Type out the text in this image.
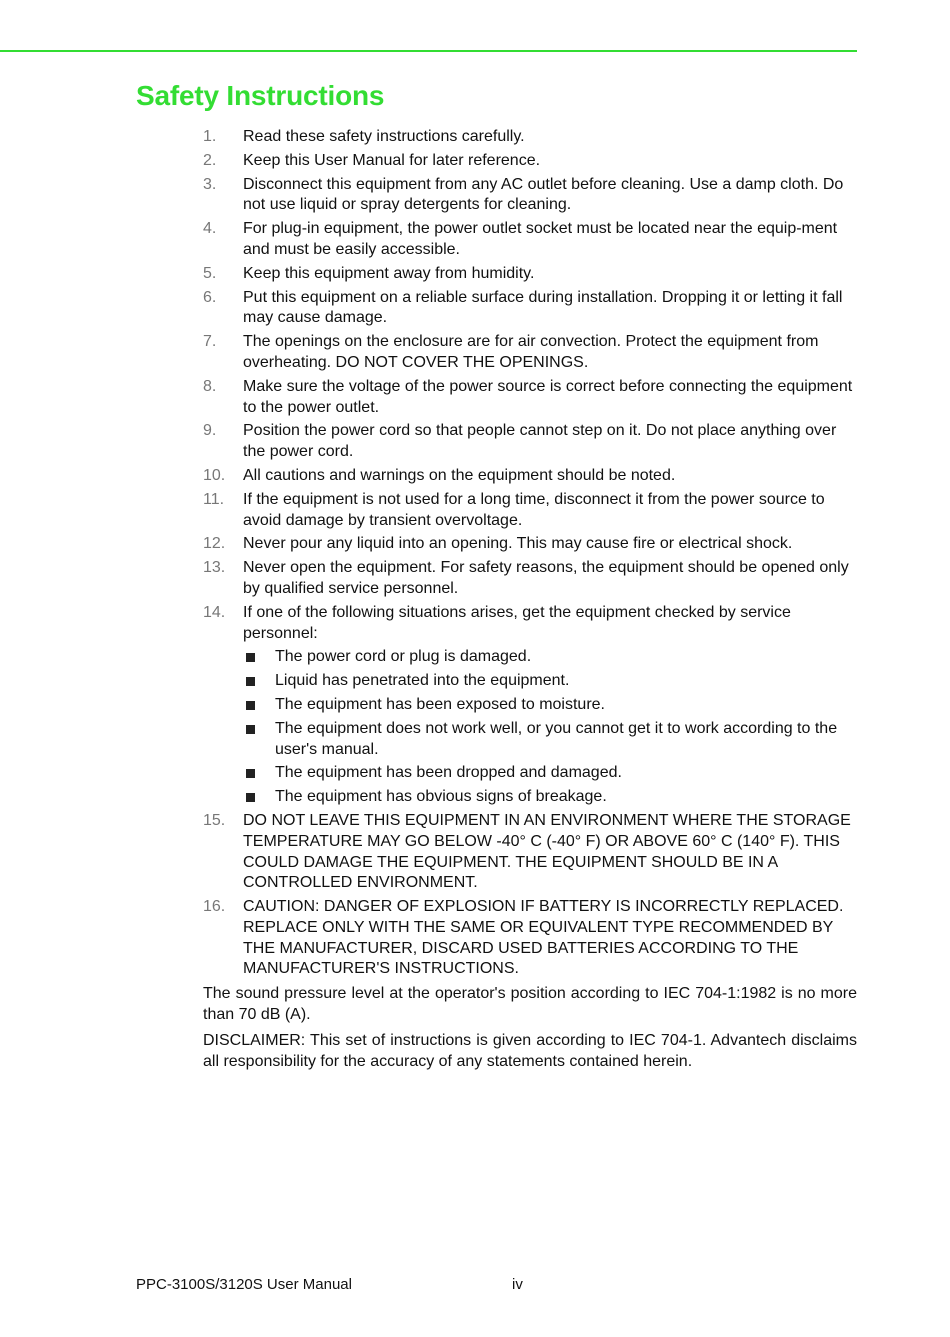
Safety Instructions
1. Read these safety instructions carefully.
2. Keep this User Manual for later reference.
3. Disconnect this equipment from any AC outlet before cleaning. Use a damp cloth. Do not use liquid or spray detergents for cleaning.
4. For plug-in equipment, the power outlet socket must be located near the equip-ment and must be easily accessible.
5. Keep this equipment away from humidity.
6. Put this equipment on a reliable surface during installation. Dropping it or letting it fall may cause damage.
7. The openings on the enclosure are for air convection. Protect the equipment from overheating. DO NOT COVER THE OPENINGS.
8. Make sure the voltage of the power source is correct before connecting the equipment to the power outlet.
9. Position the power cord so that people cannot step on it. Do not place anything over the power cord.
10. All cautions and warnings on the equipment should be noted.
11. If the equipment is not used for a long time, disconnect it from the power source to avoid damage by transient overvoltage.
12. Never pour any liquid into an opening. This may cause fire or electrical shock.
13. Never open the equipment. For safety reasons, the equipment should be opened only by qualified service personnel.
14. If one of the following situations arises, get the equipment checked by service personnel:
The power cord or plug is damaged.
Liquid has penetrated into the equipment.
The equipment has been exposed to moisture.
The equipment does not work well, or you cannot get it to work according to the user's manual.
The equipment has been dropped and damaged.
The equipment has obvious signs of breakage.
15. DO NOT LEAVE THIS EQUIPMENT IN AN ENVIRONMENT WHERE THE STORAGE TEMPERATURE MAY GO BELOW -40° C (-40° F) OR ABOVE 60° C (140° F). THIS COULD DAMAGE THE EQUIPMENT. THE EQUIPMENT SHOULD BE IN A CONTROLLED ENVIRONMENT.
16. CAUTION: DANGER OF EXPLOSION IF BATTERY IS INCORRECTLY REPLACED. REPLACE ONLY WITH THE SAME OR EQUIVALENT TYPE RECOMMENDED BY THE MANUFACTURER, DISCARD USED BATTERIES ACCORDING TO THE MANUFACTURER'S INSTRUCTIONS.

The sound pressure level at the operator's position according to IEC 704-1:1982 is no more than 70 dB (A).

DISCLAIMER: This set of instructions is given according to IEC 704-1. Advantech disclaims all responsibility for the accuracy of any statements contained herein.

PPC-3100S/3120S User Manual	iv
